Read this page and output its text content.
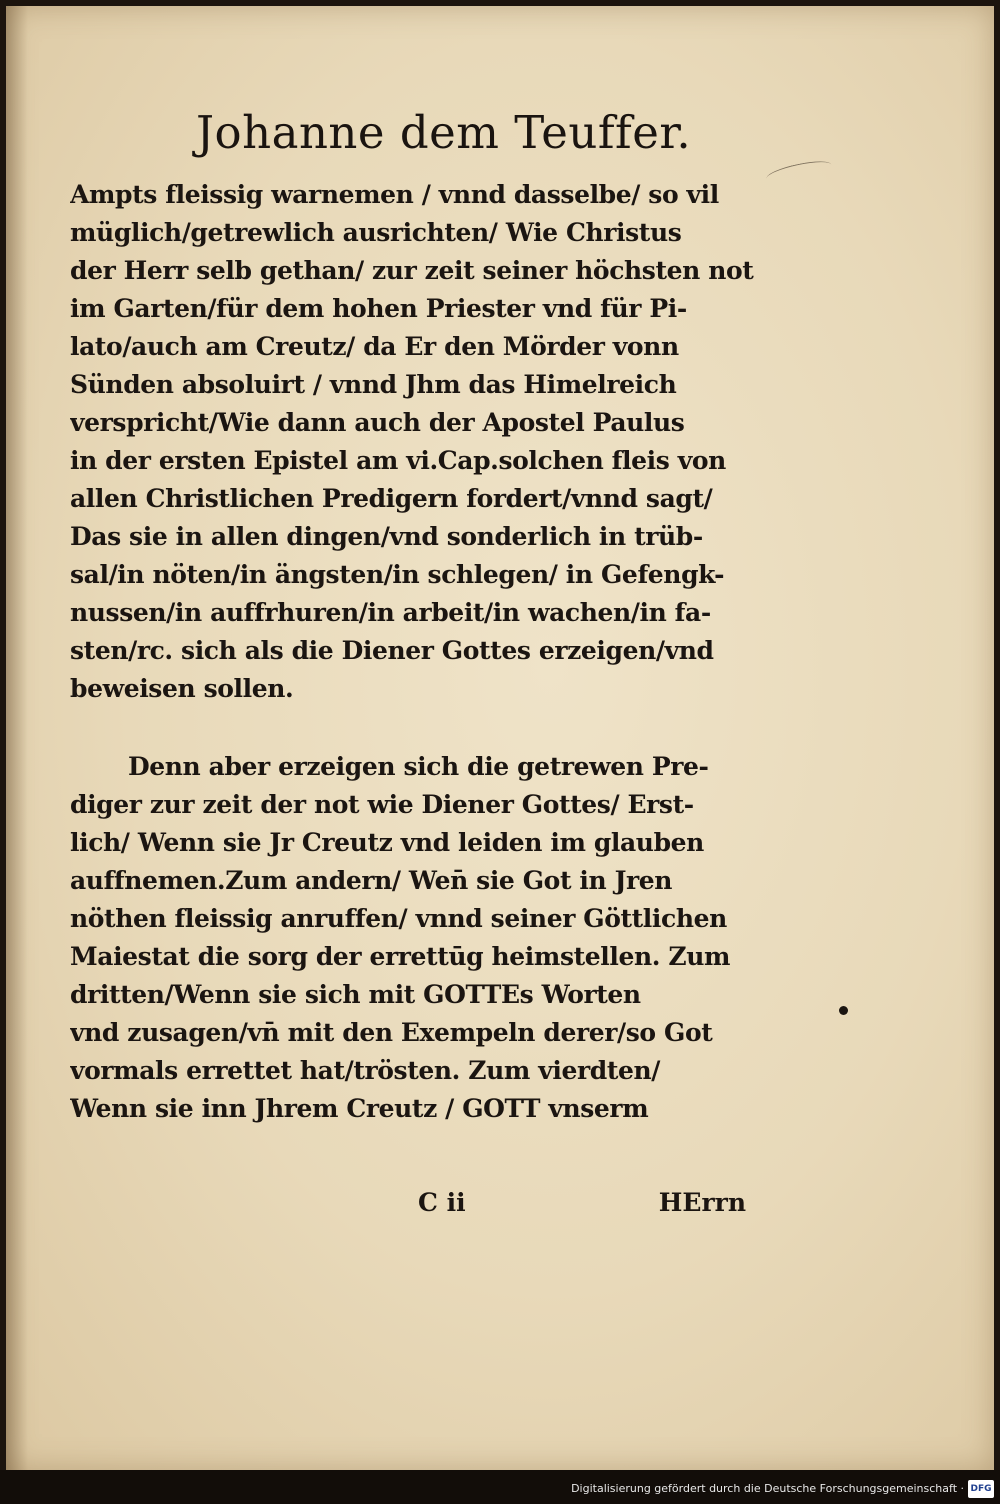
Johanne dem Teuffer.
Ampts fleissig warnemen / vnnd dasselbe/ so vil
müglich/getrewlich ausrichten/ Wie Christus
der Herr selb gethan/ zur zeit seiner höchsten not
im Garten/für dem hohen Priester vnd für Pi-
lato/auch am Creutz/ da Er den Mörder vonn
Sünden absoluirt / vnnd Jhm das Himelreich
verspricht/Wie dann auch der Apostel Paulus
in der ersten Epistel am vi.Cap.solchen fleis von
allen Christlichen Predigern fordert/vnnd sagt/
Das sie in allen dingen/vnd sonderlich in trüb-
sal/in nöten/in ängsten/in schlegen/ in Gefengk-
nussen/in auffrhuren/in arbeit/in wachen/in fa-
sten/rc. sich als die Diener Gottes erzeigen/vnd
beweisen sollen.
Denn aber erzeigen sich die getrewen Pre-
diger zur zeit der not wie Diener Gottes/ Erst-
lich/ Wenn sie Jr Creutz vnd leiden im glauben
auffnemen.Zum andern/ Wen̄ sie Got in Jren
nöthen fleissig anruffen/ vnnd seiner Göttlichen
Maiestat die sorg der errettūg heimstellen. Zum
dritten/Wenn sie sich mit GOTTEs Worten
vnd zusagen/vn̄ mit den Exempeln derer/so Got
vormals errettet hat/trösten. Zum vierdten/
Wenn sie inn Jhrem Creutz / GOTT vnserm
C ii	HErrn
Digitalisierung gefördert durch die Deutsche Forschungsgemeinschaft · DFG
